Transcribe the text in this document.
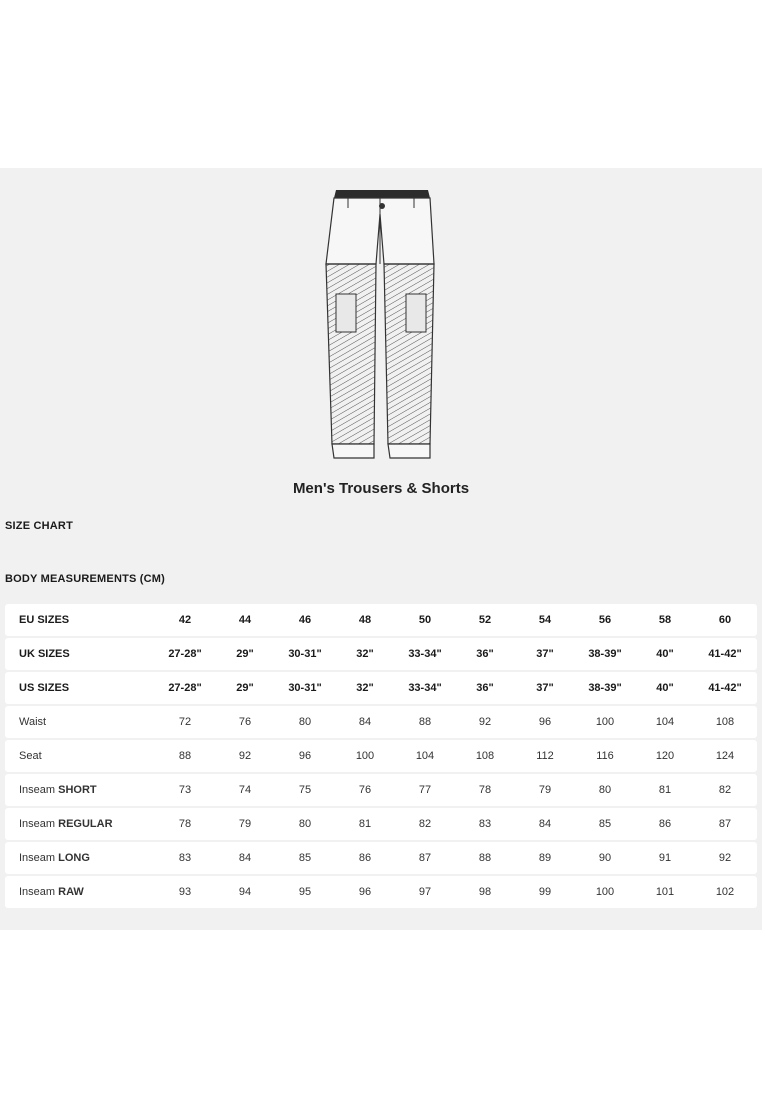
Men's Trousers & Shorts
SIZE CHART
BODY MEASUREMENTS (CM)
EU SIZES	42	44	46	48	50	52	54	56	58	60
UK SIZES	27-28"	29"	30-31"	32"	33-34"	36"	37"	38-39"	40"	41-42"
US SIZES	27-28"	29"	30-31"	32"	33-34"	36"	37"	38-39"	40"	41-42"
Waist	72	76	80	84	88	92	96	100	104	108
Seat	88	92	96	100	104	108	112	116	120	124
Inseam SHORT	73	74	75	76	77	78	79	80	81	82
Inseam REGULAR	78	79	80	81	82	83	84	85	86	87
Inseam LONG	83	84	85	86	87	88	89	90	91	92
Inseam RAW	93	94	95	96	97	98	99	100	101	102
